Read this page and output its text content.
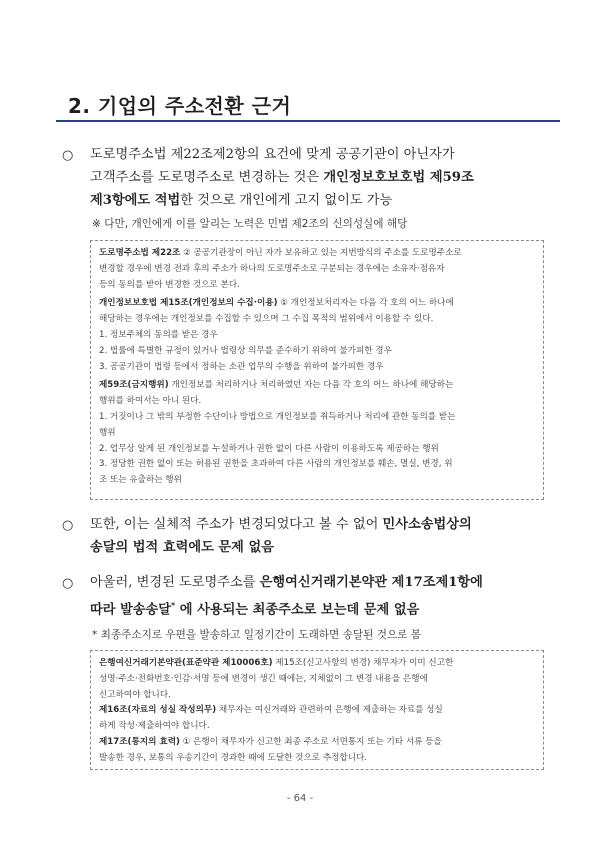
2. 기업의 주소전환 근거
○ 도로명주소법 제22조제2항의 요건에 맞게 공공기관이 아닌자가
고객주소를 도로명주소로 변경하는 것은 개인정보호보호법 제59조
제3항에도 적법한 것으로 개인에게 고지 없이도 가능
※ 다만, 개인에게 이를 알리는 노력은 민법 제2조의 신의성실에 해당
도로명주소법 제22조 ② 공공기관장이 아닌 자가 보유하고 있는 지번방식의 주소를 도로명주소로
변경할 경우에 변경 전과 후의 주소가 하나의 도로명주소로 구분되는 경우에는 소유자·점유자
등의 동의를 받아 변경한 것으로 본다.
개인정보보호법 제15조(개인정보의 수집·이용) ① 개인정보처리자는 다음 각 호의 어느 하나에
해당하는 경우에는 개인정보를 수집할 수 있으며 그 수집 목적의 범위에서 이용할 수 있다.
1. 정보주체의 동의를 받은 경우
2. 법률에 특별한 규정이 있거나 법령상 의무를 준수하기 위하여 불가피한 경우
3. 공공기관이 법령 등에서 정하는 소관 업무의 수행을 위하여 불가피한 경우
제59조(금지행위) 개인정보를 처리하거나 처리하였던 자는 다음 각 호의 어느 하나에 해당하는
행위를 하여서는 아니 된다.
1. 거짓이나 그 밖의 부정한 수단이나 방법으로 개인정보를 취득하거나 처리에 관한 동의를 받는
행위
2. 업무상 알게 된 개인정보를 누설하거나 권한 없이 다른 사람이 이용하도록 제공하는 행위
3. 정당한 권한 없이 또는 허용된 권한을 초과하여 다른 사람의 개인정보를 훼손, 멸실, 변경, 위
조 또는 유출하는 행위
○ 또한, 이는 실체적 주소가 변경되었다고 볼 수 없어 민사소송법상의
송달의 법적 효력에도 문제 없음
○ 아울러, 변경된 도로명주소를 은행여신거래기본약관 제17조제1항에
따라 발송송달* 에 사용되는 최종주소로 보는데 문제 없음
* 최종주소지로 우편을 발송하고 일정기간이 도래하면 송달된 것으로 봄
은행여신거래기본약관(표준약관 제10006호) 제15조(신고사항의 변경) 채무자가 이미 신고한
성명·주소·전화번호·인감·서명 등에 변경이 생긴 때에는, 지체없이 그 변경 내용을 은행에
신고하여야 합니다.
제16조(자료의 성실 작성의무) 채무자는 여신거래와 관련하여 은행에 제출하는 자료를 성실
하게 작성·제출하여야 합니다.
제17조(통지의 효력) ① 은행이 채무자가 신고한 최종 주소로 서면통지 또는 기타 서류 등을
발송한 경우, 보통의 우송기간이 경과한 때에 도달한 것으로 추정합니다.
- 64 -
